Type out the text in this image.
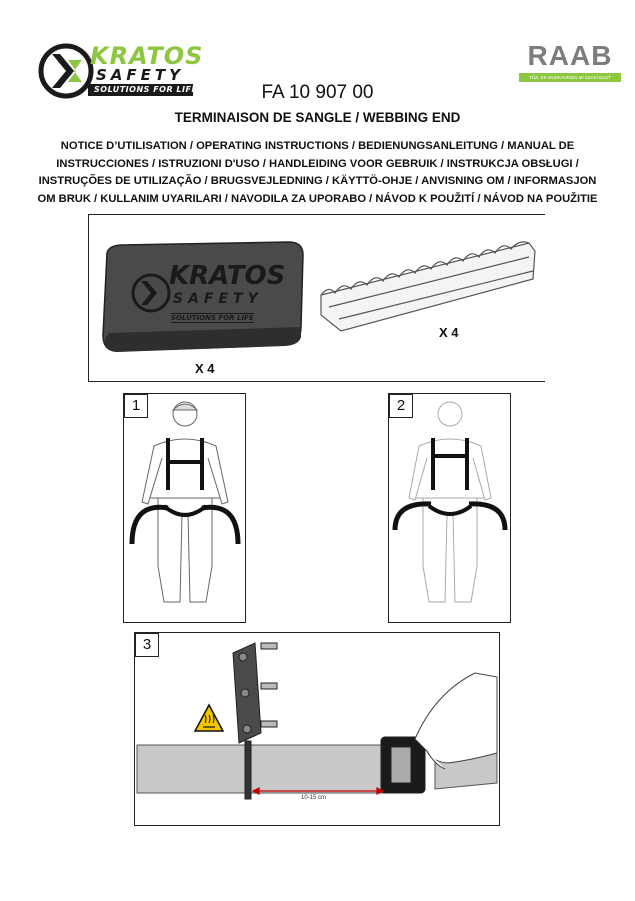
KRATOS
SAFETY
SOLUTIONS FOR LIFE
RAAB
TŰZ- ÉS MUNKAVÉDELMI SZAKÜZLET
FA 10 907 00
TERMINAISON DE SANGLE / WEBBING END
NOTICE D’UTILISATION / OPERATING INSTRUCTIONS / BEDIENUNGSANLEITUNG / MANUAL DE
INSTRUCCIONES / ISTRUZIONI D'USO / HANDLEIDING VOOR GEBRUIK / INSTRUKCJA OBSŁUGI /
INSTRUÇÕES DE UTILIZAÇÃO / BRUGSVEJLEDNING / KÄYTTÖ-OHJE / ANVISNING OM / INFORMASJON
OM BRUK / KULLANIM UYARILARI / NAVODILA ZA UPORABO / NÁVOD K POUŽITÍ / NÁVOD NA POUŽITIE
KRATOS
SAFETY
SOLUTIONS FOR LIFE
X 4
X 4
1	2
10-15 cm
3
